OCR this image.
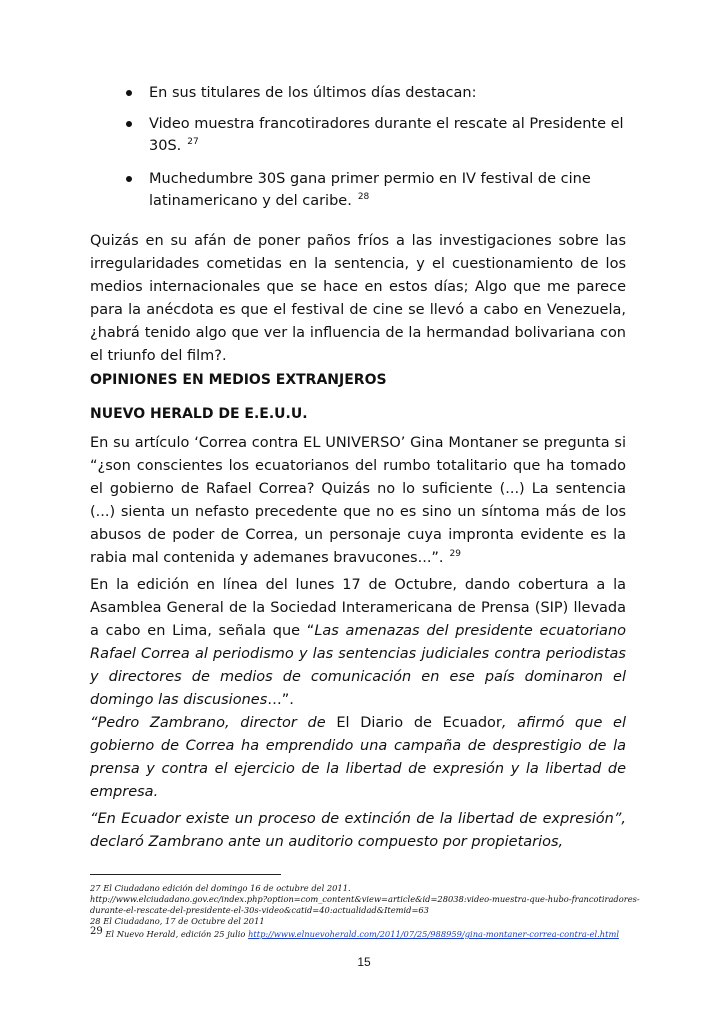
En sus titulares de los últimos días destacan:
Video muestra francotiradores durante el rescate al Presidente el 30S. $^{27}$
Muchedumbre 30S gana primer permio en IV festival de cine latinamericano y del caribe. $^{28}$

Quizás en su afán de poner paños fríos a las investigaciones sobre las irregularidades cometidas en la sentencia, y el cuestionamiento de los medios internacionales que se hace en estos días; Algo que me parece para la anécdota es que el festival de cine se llevó a cabo en Venezuela, ¿habrá tenido algo que ver la influencia de la hermandad bolivariana con el triunfo del film?.

OPINIONES EN MEDIOS EXTRANJEROS

NUEVO HERALD DE E.E.U.U.

En su artículo ‘Correa contra EL UNIVERSO’ Gina Montaner se pregunta si “¿son conscientes los ecuatorianos del rumbo totalitario que ha tomado el gobierno de Rafael Correa? Quizás no lo suficiente (...) La sentencia (...) sienta un nefasto precedente que no es sino un síntoma más de los abusos de poder de Correa, un personaje cuya impronta evidente es la rabia mal contenida y ademanes bravucones...”. $^{29}$

En la edición en línea del lunes 17 de Octubre, dando cobertura a la Asamblea General de la Sociedad Interamericana de Prensa (SIP) llevada a cabo en Lima, señala que “Las amenazas del presidente ecuatoriano Rafael Correa al periodismo y las sentencias judiciales contra periodistas y directores de medios de comunicación en ese país dominaron el domingo las discusiones…”.

“Pedro Zambrano, director de El Diario de Ecuador, afirmó que el gobierno de Correa ha emprendido una campaña de desprestigio de la prensa y contra el ejercicio de la libertad de expresión y la libertad de empresa.

“En Ecuador existe un proceso de extinción de la libertad de expresión”, declaró Zambrano ante un auditorio compuesto por propietarios,

27 El Ciudadano edición del domingo 16 de octubre del 2011.

http://www.elciudadano.gov.ec/index.php?option=com_content&view=article&id=28038:video-muestra-que-hubo-francotiradores-durante-el-rescate-del-presidente-el-30s-video&catid=40:actualidad&Itemid=63

28 El Ciudadano, 17 de Octubre del 2011

29 El Nuevo Herald, edición 25 julio http://www.elnuevoherald.com/2011/07/25/988959/gina-montaner-correa-contra-el.html

15
